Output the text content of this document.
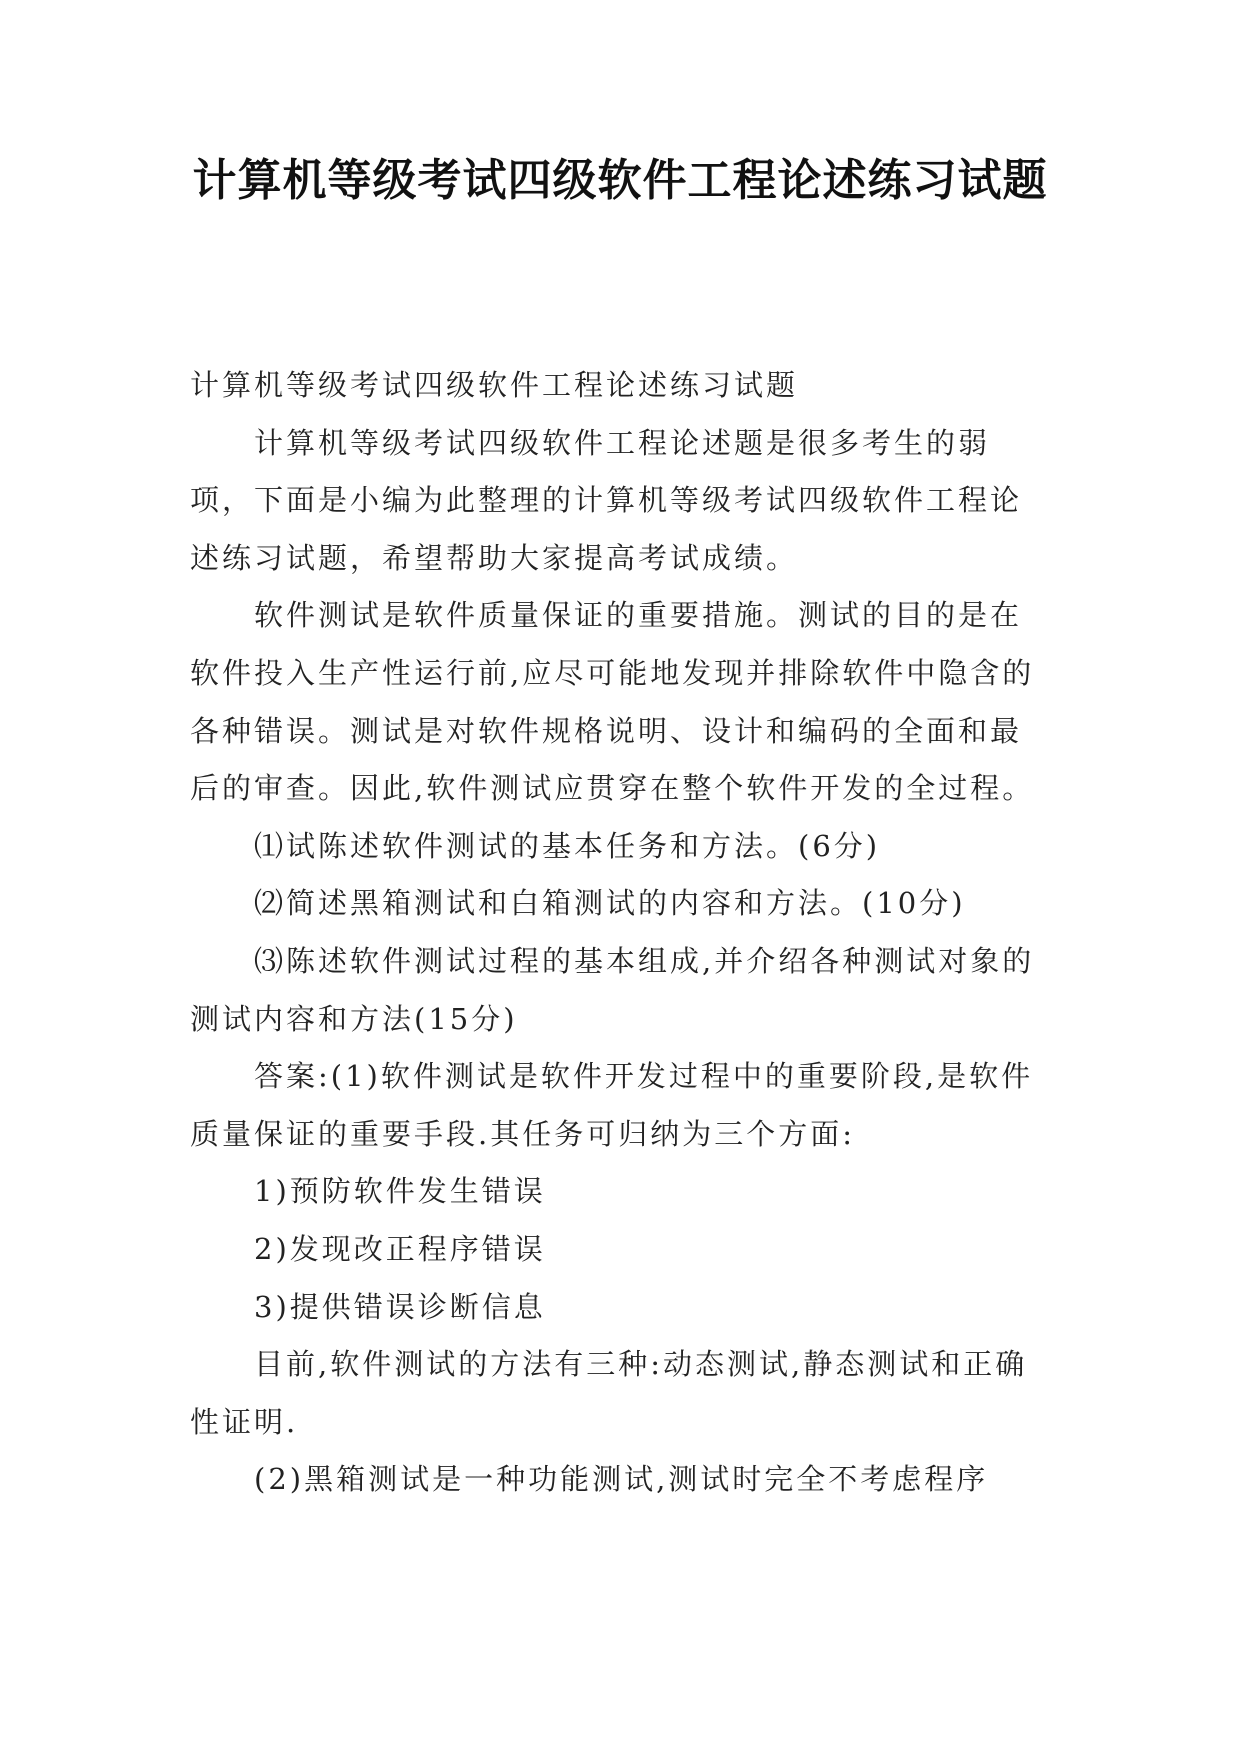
计算机等级考试四级软件工程论述练习试题

计算机等级考试四级软件工程论述练习试题

计算机等级考试四级软件工程论述题是很多考生的弱项，下面是小编为此整理的计算机等级考试四级软件工程论述练习试题，希望帮助大家提高考试成绩。

软件测试是软件质量保证的重要措施。测试的目的是在软件投入生产性运行前,应尽可能地发现并排除软件中隐含的各种错误。测试是对软件规格说明、设计和编码的全面和最后的审查。因此,软件测试应贯穿在整个软件开发的全过程。

⑴试陈述软件测试的基本任务和方法。(6分)

⑵简述黑箱测试和白箱测试的内容和方法。(10分)

⑶陈述软件测试过程的基本组成,并介绍各种测试对象的测试内容和方法(15分)

答案:(1)软件测试是软件开发过程中的重要阶段,是软件质量保证的重要手段.其任务可归纳为三个方面:

1)预防软件发生错误

2)发现改正程序错误

3)提供错误诊断信息

目前,软件测试的方法有三种:动态测试,静态测试和正确性证明.

(2)黑箱测试是一种功能测试,测试时完全不考虑程序
